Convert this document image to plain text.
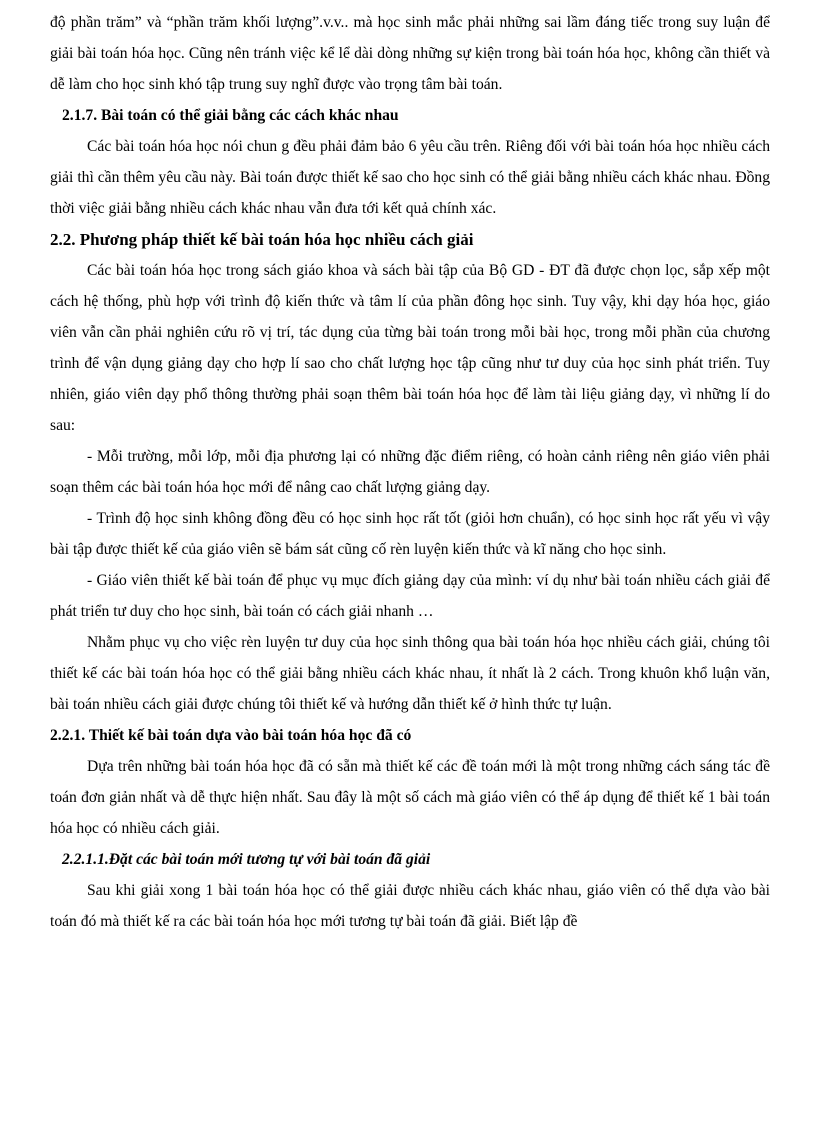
độ phần trăm” và “phần trăm khối lượng”.v.v.. mà học sinh mắc phải những sai lầm đáng tiếc trong suy luận để giải bài toán hóa học. Cũng nên tránh việc kể lể dài dòng những sự kiện trong bài toán hóa học, không cần thiết và dễ làm cho học sinh khó tập trung suy nghĩ được vào trọng tâm bài toán.

2.1.7. Bài toán có thể giải bằng các cách khác nhau

Các bài toán hóa học nói chun g đều phải đảm bảo 6 yêu cầu trên. Riêng đối với bài toán hóa học nhiều cách giải thì cần thêm yêu cầu này. Bài toán được thiết kế sao cho học sinh có thể giải bằng nhiều cách khác nhau. Đồng thời việc giải bằng nhiều cách khác nhau vẫn đưa tới kết quả chính xác.

2.2. Phương pháp thiết kế bài toán hóa học nhiều cách giải

Các bài toán hóa học trong sách giáo khoa và sách bài tập của Bộ GD - ĐT đã được chọn lọc, sắp xếp một cách hệ thống, phù hợp với trình độ kiến thức và tâm lí của phần đông học sinh. Tuy vậy, khi dạy hóa học, giáo viên vẫn cần phải nghiên cứu rõ vị trí, tác dụng của từng bài toán trong mỗi bài học, trong mỗi phần của chương trình để vận dụng giảng dạy cho hợp lí sao cho chất lượng học tập cũng như tư duy của học sinh phát triển. Tuy nhiên, giáo viên dạy phổ thông thường phải soạn thêm bài toán hóa học để làm tài liệu giảng dạy, vì những lí do sau:

- Mỗi trường, mỗi lớp, mỗi địa phương lại có những đặc điểm riêng, có hoàn cảnh riêng nên giáo viên phải soạn thêm các bài toán hóa học mới để nâng cao chất lượng giảng dạy.

- Trình độ học sinh không đồng đều có học sinh học rất tốt (giỏi hơn chuẩn), có học sinh học rất yếu vì vậy bài tập được thiết kế của giáo viên sẽ bám sát cũng cố rèn luyện kiến thức và kĩ năng cho học sinh.

- Giáo viên thiết kế bài toán để phục vụ mục đích giảng dạy của mình: ví dụ như bài toán nhiều cách giải để phát triển tư duy cho học sinh, bài toán có cách giải nhanh …

Nhằm phục vụ cho việc rèn luyện tư duy của học sinh thông qua bài toán hóa học nhiều cách giải, chúng tôi thiết kế các bài toán hóa học có thể giải bằng nhiều cách khác nhau, ít nhất là 2 cách. Trong khuôn khổ luận văn, bài toán nhiều cách giải được chúng tôi thiết kế và hướng dẫn thiết kế ở hình thức tự luận.

2.2.1. Thiết kế bài toán dựa vào bài toán hóa học đã có

Dựa trên những bài toán hóa học đã có sẵn mà thiết kế các đề toán mới là một trong những cách sáng tác đề toán đơn giản nhất và dễ thực hiện nhất. Sau đây là một số cách mà giáo viên có thể áp dụng để thiết kế 1 bài toán hóa học có nhiều cách giải.

2.2.1.1.Đặt các bài toán mới tương tự với bài toán đã giải

Sau khi giải xong 1 bài toán hóa học có thể giải được nhiều cách khác nhau, giáo viên có thể dựa vào bài toán đó mà thiết kế ra các bài toán hóa học mới tương tự bài toán đã giải. Biết lập đề
